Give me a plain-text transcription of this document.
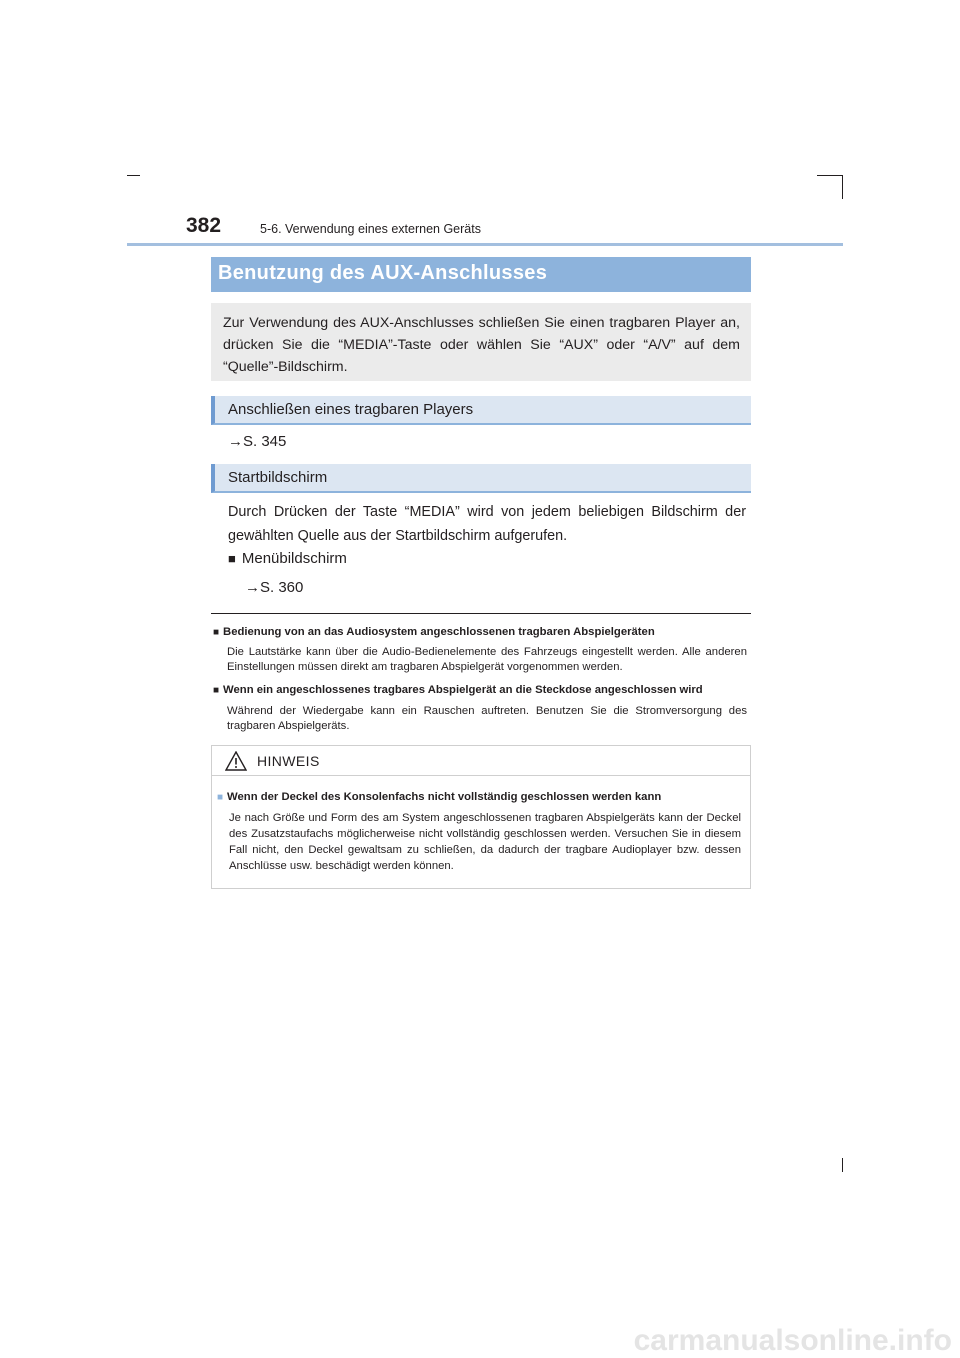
382	5-6. Verwendung eines externen Geräts
Benutzung des AUX-Anschlusses
Zur Verwendung des AUX-Anschlusses schließen Sie einen tragbaren Player an, drücken Sie die “MEDIA”-Taste oder wählen Sie “AUX” oder “A/V” auf dem “Quelle”-Bildschirm.
Anschließen eines tragbaren Players
→S. 345
Startbildschirm
Durch Drücken der Taste “MEDIA” wird von jedem beliebigen Bildschirm der gewählten Quelle aus der Startbildschirm aufgerufen.
■ Menübildschirm
→S. 360
■ Bedienung von an das Audiosystem angeschlossenen tragbaren Abspielgeräten
Die Lautstärke kann über die Audio-Bedienelemente des Fahrzeugs eingestellt werden. Alle anderen Einstellungen müssen direkt am tragbaren Abspielgerät vorgenommen werden.
■ Wenn ein angeschlossenes tragbares Abspielgerät an die Steckdose angeschlossen wird
Während der Wiedergabe kann ein Rauschen auftreten. Benutzen Sie die Stromversorgung des tragbaren Abspielgeräts.
HINWEIS
■ Wenn der Deckel des Konsolenfachs nicht vollständig geschlossen werden kann
Je nach Größe und Form des am System angeschlossenen tragbaren Abspielgeräts kann der Deckel des Zusatzstaufachs möglicherweise nicht vollständig geschlossen werden. Versuchen Sie in diesem Fall nicht, den Deckel gewaltsam zu schließen, da dadurch der tragbare Audioplayer bzw. dessen Anschlüsse usw. beschädigt werden können.
carmanualsonline.info
